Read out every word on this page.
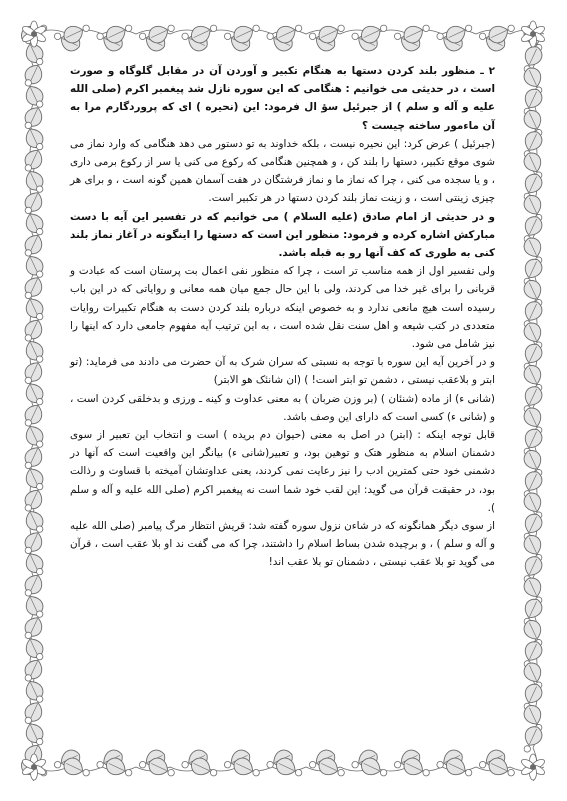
۲ ـ منظور بلند کردن دستها به هنگام تکبیر و آوردن آن در مقابل گلوگاه و صورت است ، در حدیثی می خوانیم : هنگامی که این سوره نازل شد پیغمبر اکرم (صلی الله علیه و آله و سلم ) از جبرئیل سؤ ال فرمود: این (نحیره ) ای که پروردگارم مرا به آن ماءمور ساخته چیست ؟

(جبرئیل ) عرض کرد: این نحیره نیست ، بلکه خداوند به تو دستور می دهد هنگامی که وارد نماز می شوی موقع تکبیر، دستها را بلند کن ، و همچنین هنگامی که رکوع می کنی یا سر از رکوع برمی داری ، و یا سجده می کنی ، چرا که نماز ما و نماز فرشتگان در هفت آسمان همین گونه است ، و برای هر چیزی زینتی است ، و زینت نماز بلند کردن دستها در هر تکبیر است.

و در حدیثی از امام صادق (علیه السلام ) می خوانیم که در تفسیر این آیه با دست مبارکش اشاره کرده و فرمود: منظور این است که دستها را اینگونه در آغاز نماز بلند کنی به طوری که کف آنها رو به قبله باشد.

ولی تفسیر اول از همه مناسب تر است ، چرا که منظور نفی اعمال بت پرستان است که عبادت و قربانی را برای غیر خدا می کردند، ولی با این حال جمع میان همه معانی و روایاتی که در این باب رسیده است هیچ مانعی ندارد و به خصوص اینکه درباره بلند کردن دست به هنگام تکبیرات روایات متعددی در کتب شیعه و اهل سنت نقل شده است ، به این ترتیب آیه مفهوم جامعی دارد که اینها را نیز شامل می شود.

و در آخرین آیه این سوره با توجه به نسبتی که سران شرک به آن حضرت می دادند می فرماید: (تو ابتر و بلاعقب نیستی ، دشمن تو ابتر است! ) (ان شانئک هو الابتر)

(شانی ء) از ماده (شنئان ) (بر وزن ضربان ) به معنی عداوت و کینه ـ ورزی و بدخلقی کردن است ، و (شانی ء) کسی است که دارای این وصف باشد.

قابل توجه اینکه : (ابتر) در اصل به معنی (حیوان دم بریده ) است و انتخاب این تعبیر از سوی دشمنان اسلام به منظور هتک و توهین بود، و تعبیر(شانی ء) بیانگر این واقعیت است که آنها در دشمنی خود حتی کمترین ادب را نیز رعایت نمی کردند، یعنی عداوتشان آمیخته با قساوت و رذالت بود، در حقیقت قرآن می گوید: این لقب خود شما است نه پیغمبر اکرم (صلی الله علیه و آله و سلم ).

از سوی دیگر همانگونه که در شاءن نزول سوره گفته شد: قریش انتظار مرگ پیامبر (صلی الله علیه و آله و سلم ) ، و برچیده شدن بساط اسلام را داشتند، چرا که می گفت ند او بلا عقب است ، قرآن می گوید تو بلا عقب نیستی ، دشمنان تو بلا عقب اند!
